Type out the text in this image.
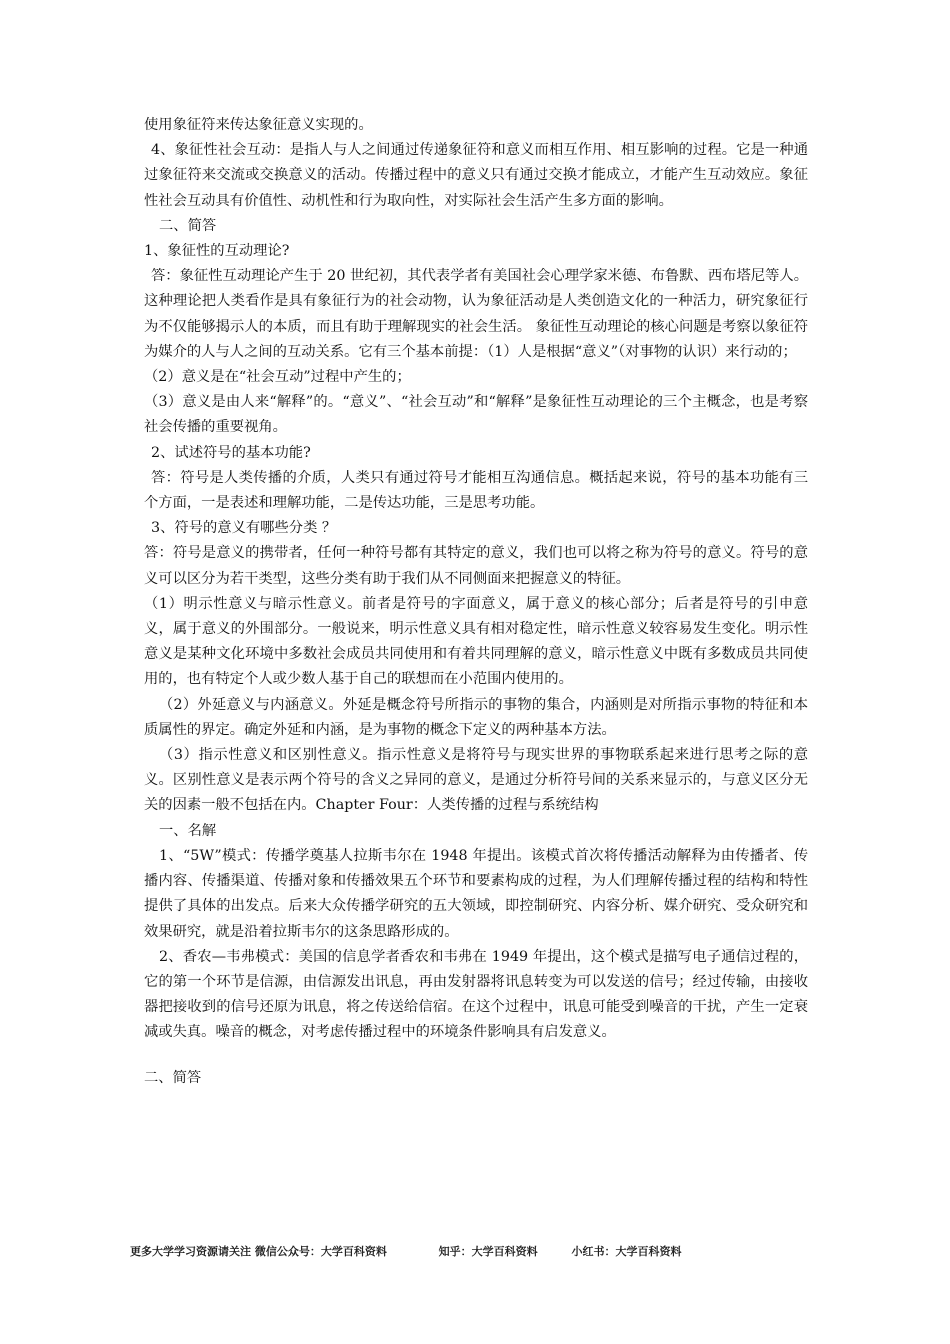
使用象征符来传达象征意义实现的。

4、象征性社会互动：是指人与人之间通过传递象征符和意义而相互作用、相互影响的过程。它是一种通过象征符来交流或交换意义的活动。传播过程中的意义只有通过交换才能成立，才能产生互动效应。象征性社会互动具有价值性、动机性和行为取向性，对实际社会生活产生多方面的影响。

二、简答

1、象征性的互动理论?

答：象征性互动理论产生于 20 世纪初，其代表学者有美国社会心理学家米德、布鲁默、西布塔尼等人。这种理论把人类看作是具有象征行为的社会动物，认为象征活动是人类创造文化的一种活力，研究象征行为不仅能够揭示人的本质，而且有助于理解现实的社会生活。 象征性互动理论的核心问题是考察以象征符为媒介的人与人之间的互动关系。它有三个基本前提：（1）人是根据“意义”（对事物的认识）来行动的；

（2）意义是在“社会互动”过程中产生的；

（3）意义是由人来“解释”的。“意义”、“社会互动”和“解释”是象征性互动理论的三个主概念，也是考察社会传播的重要视角。

2、试述符号的基本功能?

答：符号是人类传播的介质，人类只有通过符号才能相互沟通信息。概括起来说，符号的基本功能有三个方面，一是表述和理解功能，二是传达功能，三是思考功能。

3、符号的意义有哪些分类 ？

答：符号是意义的携带者，任何一种符号都有其特定的意义，我们也可以将之称为符号的意义。符号的意义可以区分为若干类型，这些分类有助于我们从不同侧面来把握意义的特征。

（1）明示性意义与暗示性意义。前者是符号的字面意义，属于意义的核心部分；后者是符号的引申意义，属于意义的外围部分。一般说来，明示性意义具有相对稳定性，暗示性意义较容易发生变化。明示性意义是某种文化环境中多数社会成员共同使用和有着共同理解的意义，暗示性意义中既有多数成员共同使用的，也有特定个人或少数人基于自己的联想而在小范围内使用的。

（2）外延意义与内涵意义。外延是概念符号所指示的事物的集合，内涵则是对所指示事物的特征和本质属性的界定。确定外延和内涵，是为事物的概念下定义的两种基本方法。

（3）指示性意义和区别性意义。指示性意义是将符号与现实世界的事物联系起来进行思考之际的意义。区别性意义是表示两个符号的含义之异同的意义，是通过分析符号间的关系来显示的，与意义区分无关的因素一般不包括在内。Chapter Four：人类传播的过程与系统结构

一、名解

1、“5W”模式：传播学奠基人拉斯韦尔在 1948 年提出。该模式首次将传播活动解释为由传播者、传播内容、传播渠道、传播对象和传播效果五个环节和要素构成的过程，为人们理解传播过程的结构和特性提供了具体的出发点。后来大众传播学研究的五大领域，即控制研究、内容分析、媒介研究、受众研究和效果研究，就是沿着拉斯韦尔的这条思路形成的。

2、香农—韦弗模式：美国的信息学者香农和韦弗在 1949 年提出，这个模式是描写电子通信过程的，它的第一个环节是信源，由信源发出讯息，再由发射器将讯息转变为可以发送的信号；经过传输，由接收器把接收到的信号还原为讯息，将之传送给信宿。在这个过程中，讯息可能受到噪音的干扰，产生一定衰减或失真。噪音的概念，对考虑传播过程中的环境条件影响具有启发意义。

二、简答

更多大学学习资源请关注 微信公众号：大学百科资料	知乎：大学百科资料	小红书：大学百科资料
